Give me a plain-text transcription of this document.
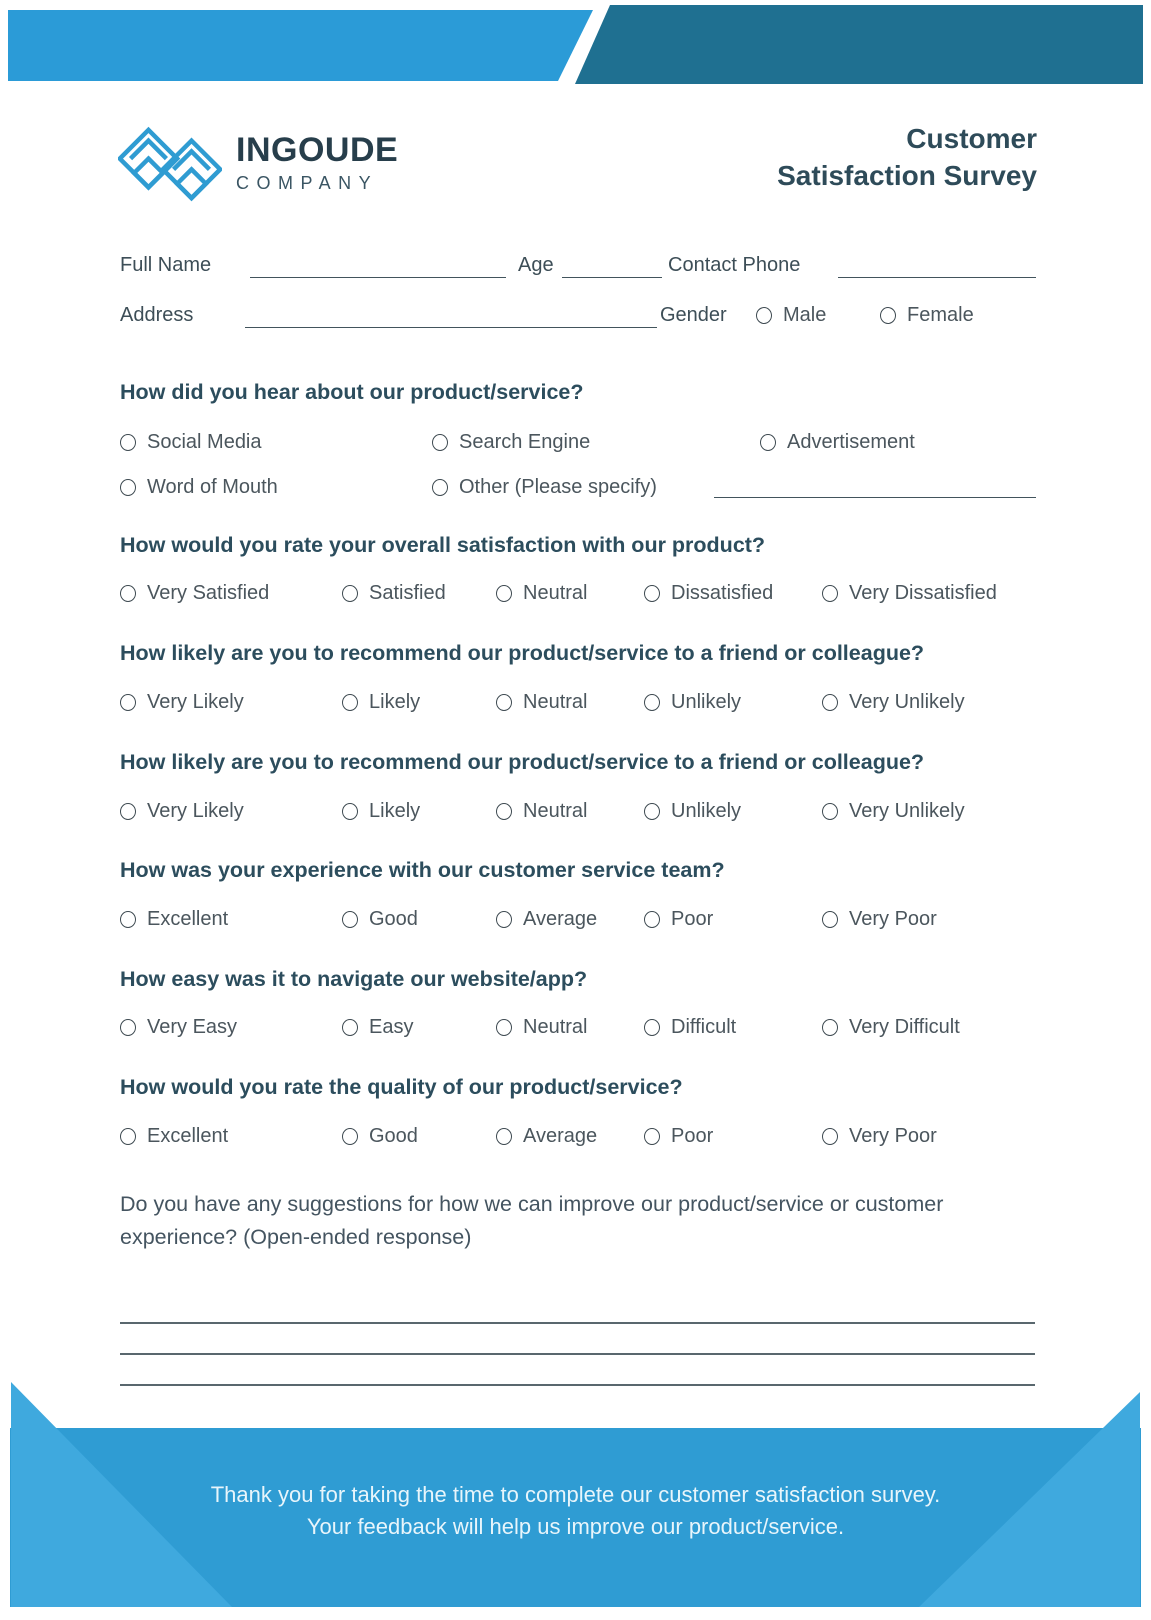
INGOUDE
COMPANY
Customer
Satisfaction Survey
Full Name	Age	Contact Phone
Address	Gender	Male	Female
How did you hear about our product/service?
Social Media	Search Engine	Advertisement
Word of Mouth	Other (Please specify)
How would you rate your overall satisfaction with our product?
Very Satisfied	Satisfied	Neutral	Dissatisfied	Very Dissatisfied
How likely are you to recommend our product/service to a friend or colleague?
Very Likely	Likely	Neutral	Unlikely	Very Unlikely
How likely are you to recommend our product/service to a friend or colleague?
Very Likely	Likely	Neutral	Unlikely	Very Unlikely
How was your experience with our customer service team?
Excellent	Good	Average	Poor	Very Poor
How easy was it to navigate our website/app?
Very Easy	Easy	Neutral	Difficult	Very Difficult
How would you rate the quality of our product/service?
Excellent	Good	Average	Poor	Very Poor
Do you have any suggestions for how we can improve our product/service or customer experience? (Open-ended response)
Thank you for taking the time to complete our customer satisfaction survey.
Your feedback will help us improve our product/service.
